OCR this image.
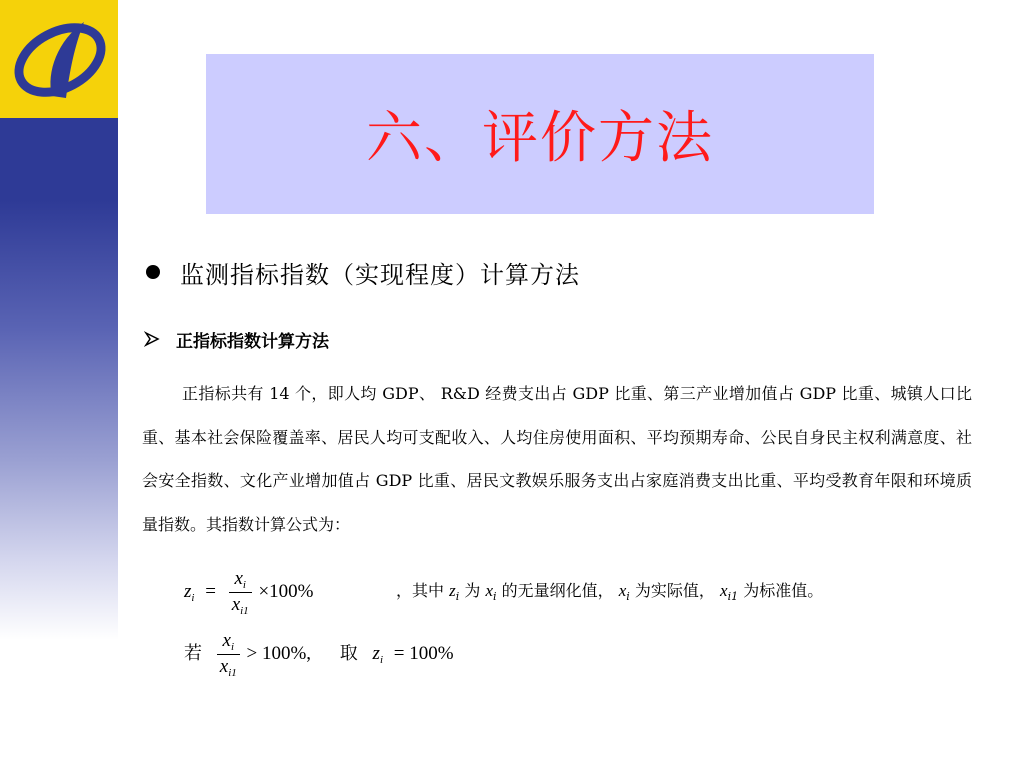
六、评价方法
监测指标指数（实现程度）计算方法
正指标指数计算方法

正指标共有 14 个，即人均 GDP、 R&D 经费支出占 GDP 比重、第三产业增加值占 GDP 比重、城镇人口比重、基本社会保险覆盖率、居民人均可支配收入、人均住房使用面积、平均预期寿命、公民自身民主权利满意度、社会安全指数、文化产业增加值占 GDP 比重、居民文教娱乐服务支出占家庭消费支出比重、平均受教育年限和环境质量指数。其指数计算公式为：

$z_i = \frac{x_i}{x_{i1}} \times 100\%$	，其中 $z_i$ 为 $x_i$ 的无量纲化值， $x_i$ 为实际值， $x_{i1}$ 为标准值。
若 $\frac{x_i}{x_{i1}} > 100\%$, 取 $z_i = 100\%$
